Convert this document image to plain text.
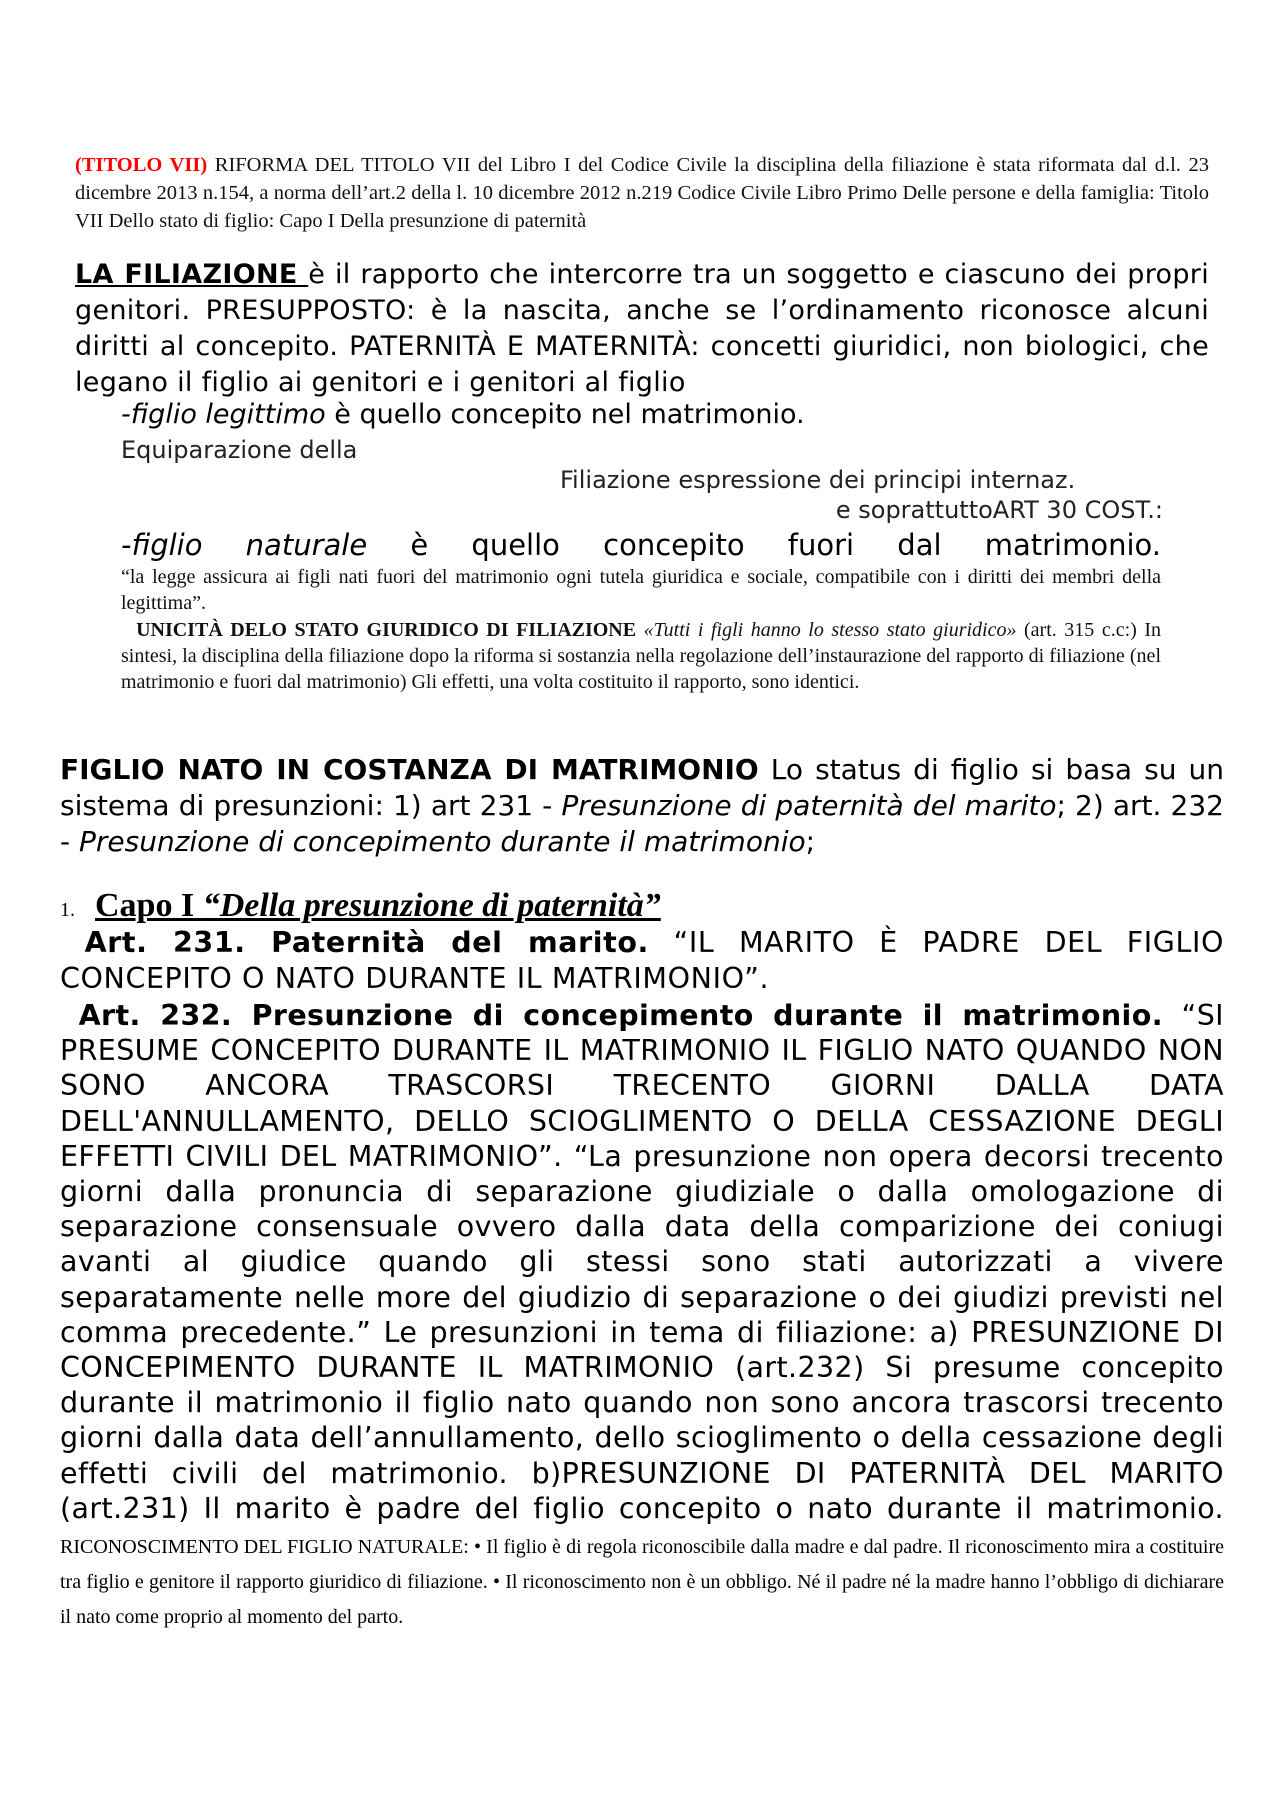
(TITOLO VII) RIFORMA DEL TITOLO VII del Libro I del Codice Civile la disciplina della filiazione è stata riformata dal d.l. 23 dicembre 2013 n.154, a norma dell’art.2 della l. 10 dicembre 2012 n.219 Codice Civile Libro Primo Delle persone e della famiglia: Titolo VII Dello stato di figlio: Capo I Della presunzione di paternità
LA FILIAZIONE è il rapporto che intercorre tra un soggetto e ciascuno dei propri genitori. PRESUPPOSTO: è la nascita, anche se l’ordinamento riconosce alcuni diritti al concepito. PATERNITÀ E MATERNITÀ: concetti giuridici, non biologici, che legano il figlio ai genitori e i genitori al figlio
-figlio legittimo è quello concepito nel matrimonio.
Equiparazione della
Filiazione espressione dei principi internaz.
e soprattuttoART 30 COST.:
-figlio naturale è quello concepito fuori dal matrimonio.
“la legge assicura ai figli nati fuori del matrimonio ogni tutela giuridica e sociale, compatibile con i diritti dei membri della legittima”.
UNICITÀ DELO STATO GIURIDICO DI FILIAZIONE «Tutti i figli hanno lo stesso stato giuridico» (art. 315 c.c:) In sintesi, la disciplina della filiazione dopo la riforma si sostanzia nella regolazione dell’instaurazione del rapporto di filiazione (nel matrimonio e fuori dal matrimonio) Gli effetti, una volta costituito il rapporto, sono identici.
FIGLIO NATO IN COSTANZA DI MATRIMONIO Lo status di figlio si basa su un sistema di presunzioni: 1) art 231 - Presunzione di paternità del marito; 2) art. 232 - Presunzione di concepimento durante il matrimonio;
1. Capo I “Della presunzione di paternità”
Art. 231. Paternità del marito. “IL MARITO È PADRE DEL FIGLIO CONCEPITO O NATO DURANTE IL MATRIMONIO”.
Art. 232. Presunzione di concepimento durante il matrimonio. “SI PRESUME CONCEPITO DURANTE IL MATRIMONIO IL FIGLIO NATO QUANDO NON SONO ANCORA TRASCORSI TRECENTO GIORNI DALLA DATA DELL'ANNULLAMENTO, DELLO SCIOGLIMENTO O DELLA CESSAZIONE DEGLI EFFETTI CIVILI DEL MATRIMONIO”. “La presunzione non opera decorsi trecento giorni dalla pronuncia di separazione giudiziale o dalla omologazione di separazione consensuale ovvero dalla data della comparizione dei coniugi avanti al giudice quando gli stessi sono stati autorizzati a vivere separatamente nelle more del giudizio di separazione o dei giudizi previsti nel comma precedente.” Le presunzioni in tema di filiazione: a) PRESUNZIONE DI CONCEPIMENTO DURANTE IL MATRIMONIO (art.232) Si presume concepito durante il matrimonio il figlio nato quando non sono ancora trascorsi trecento giorni dalla data dell’annullamento, dello scioglimento o della cessazione degli effetti civili del matrimonio. b)PRESUNZIONE DI PATERNITÀ DEL MARITO (art.231) Il marito è padre del figlio concepito o nato durante il matrimonio. RICONOSCIMENTO DEL FIGLIO NATURALE: • Il figlio è di regola riconoscibile dalla madre e dal padre. Il riconoscimento mira a costituire tra figlio e genitore il rapporto giuridico di filiazione. • Il riconoscimento non è un obbligo. Né il padre né la madre hanno l’obbligo di dichiarare il nato come proprio al momento del parto.
